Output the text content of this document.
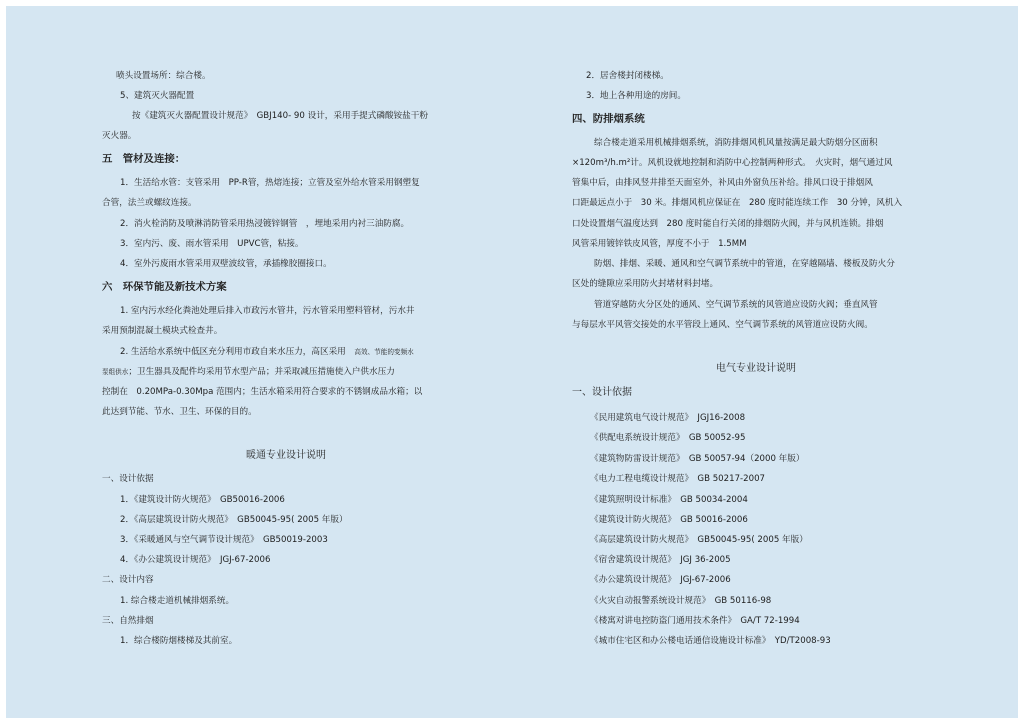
喷头设置场所：综合楼。
5、建筑灭火器配置
按《建筑灭火器配置设计规范》　GBJ140- 90 设计，采用手提式磷酸铵盐干粉
灭火器。
五　管材及连接：
1．生活给水管：支管采用　PP-R管，热熔连接；立管及室外给水管采用钢塑复
合管，法兰或螺纹连接。
2．消火栓消防及喷淋消防管采用热浸镀锌钢管　，埋地采用内衬三油防腐。
3．室内污、废、雨水管采用　UPVC管，粘接。
4．室外污废雨水管采用双壁波纹管，承插橡胶圈接口。
六　环保节能及新技术方案
1. 室内污水经化粪池处理后排入市政污水管井，污水管采用塑料管材，污水井
采用预制混凝土模块式检查井。
2. 生活给水系统中低区充分利用市政自来水压力，高区采用　高效、节能的变频水
泵组供水；卫生器具及配件均采用节水型产品；并采取减压措施使入户供水压力
控制在　0.20MPa-0.30Mpa 范围内；生活水箱采用符合要求的不锈钢成品水箱；以
此达到节能、节水、卫生、环保的目的。
暖通专业设计说明
一、设计依据
1．《建筑设计防火规范》　GB50016-2006
2．《高层建筑设计防火规范》　GB50045-95( 2005 年版）
3．《采暖通风与空气调节设计规范》　GB50019-2003
4．《办公建筑设计规范》　JGJ-67-2006
二、设计内容
1. 综合楼走道机械排烟系统。
三、自然排烟
1．综合楼防烟楼梯及其前室。
2．居舍楼封闭楼梯。
3．地上各种用途的房间。
四、防排烟系统
综合楼走道采用机械排烟系统，消防排烟风机风量按满足最大防烟分区面积
×120m³/h.m²计。风机设就地控制和消防中心控制两种形式。　火灾时，烟气通过风
管集中后，由排风竖井排至天面室外，补风由外窗负压补给。排风口设于排烟风
口距最远点小于　30 米。排烟风机应保证在　280 度时能连续工作　30 分钟，风机入
口处设置烟气温度达到　280 度时能自行关闭的排烟防火阀，并与风机连锁。排烟
风管采用镀锌铁皮风管，厚度不小于　1.5MM
防烟、排烟、采暖、通风和空气调节系统中的管道，在穿越隔墙、楼板及防火分
区处的缝隙应采用防火封堵材料封堵。
管道穿越防火分区处的通风、空气调节系统的风管道应设防火阀；垂直风管
与每层水平风管交接处的水平管段上通风、空气调节系统的风管道应设防火阀。
电气专业设计说明
一、设计依据
《民用建筑电气设计规范》　JGJ16-2008
《供配电系统设计规范》　GB 50052-95
《建筑物防雷设计规范》　GB 50057-94（2000 年版）
《电力工程电缆设计规范》　GB 50217-2007
《建筑照明设计标准》　GB 50034-2004
《建筑设计防火规范》　GB 50016-2006
《高层建筑设计防火规范》　GB50045-95( 2005 年版）
《宿舍建筑设计规范》　JGJ 36-2005
《办公建筑设计规范》　JGJ-67-2006
《火灾自动报警系统设计规范》　GB 50116-98
《楼寓对讲电控防盗门通用技术条件》　GA/T 72-1994
《城市住宅区和办公楼电话通信设施设计标准》　YD/T2008-93
